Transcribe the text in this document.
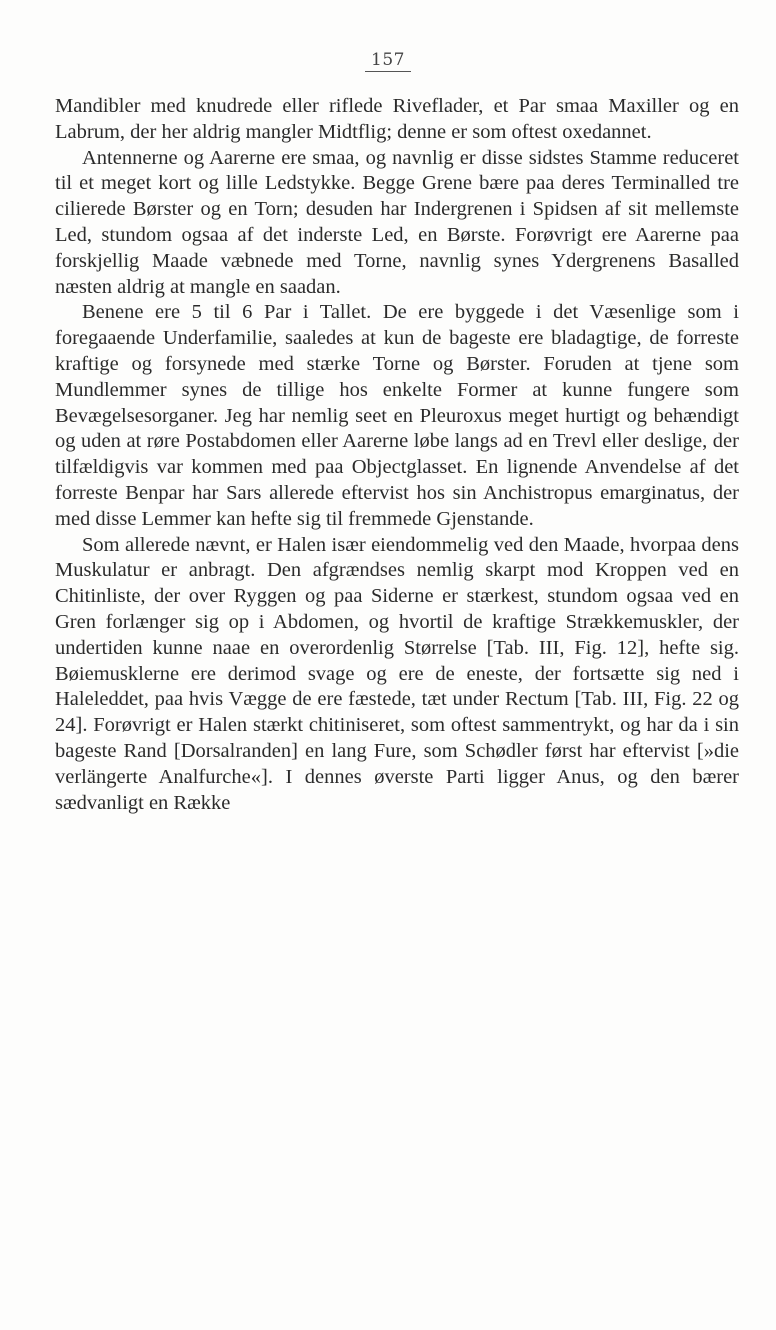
157

Mandibler med knudrede eller riflede Riveflader, et Par smaa Maxiller og en Labrum, der her aldrig mangler Midtflig; denne er som oftest oxedannet.

Antennerne og Aarerne ere smaa, og navnlig er disse sidstes Stamme reduceret til et meget kort og lille Ledstykke. Begge Grene bære paa deres Terminalled tre cilierede Børster og en Torn; desuden har Indergrenen i Spidsen af sit mellemste Led, stundom ogsaa af det inderste Led, en Børste. Forøvrigt ere Aarerne paa forskjellig Maade væbnede med Torne, navnlig synes Ydergrenens Basalled næsten aldrig at mangle en saadan.

Benene ere 5 til 6 Par i Tallet. De ere byggede i det Væsenlige som i foregaaende Underfamilie, saaledes at kun de bageste ere bladagtige, de forreste kraftige og forsynede med stærke Torne og Børster. Foruden at tjene som Mundlemmer synes de tillige hos enkelte Former at kunne fungere som Bevægelsesorganer. Jeg har nemlig seet en Pleuroxus meget hurtigt og behændigt og uden at røre Postabdomen eller Aarerne løbe langs ad en Trevl eller deslige, der tilfældigvis var kommen med paa Objectglasset. En lignende Anvendelse af det forreste Benpar har Sars allerede eftervist hos sin Anchistropus emarginatus, der med disse Lemmer kan hefte sig til fremmede Gjenstande.

Som allerede nævnt, er Halen især eiendommelig ved den Maade, hvorpaa dens Muskulatur er anbragt. Den afgrændses nemlig skarpt mod Kroppen ved en Chitinliste, der over Ryggen og paa Siderne er stærkest, stundom ogsaa ved en Gren forlænger sig op i Abdomen, og hvortil de kraftige Strækkemuskler, der undertiden kunne naae en overordenlig Størrelse [Tab. III, Fig. 12], hefte sig. Bøiemusklerne ere derimod svage og ere de eneste, der fortsætte sig ned i Haleleddet, paa hvis Vægge de ere fæstede, tæt under Rectum [Tab. III, Fig. 22 og 24]. Forøvrigt er Halen stærkt chitiniseret, som oftest sammentrykt, og har da i sin bageste Rand [Dorsalranden] en lang Fure, som Schødler først har eftervist [»die verlängerte Analfurche«]. I dennes øverste Parti ligger Anus, og den bærer sædvanligt en Række
